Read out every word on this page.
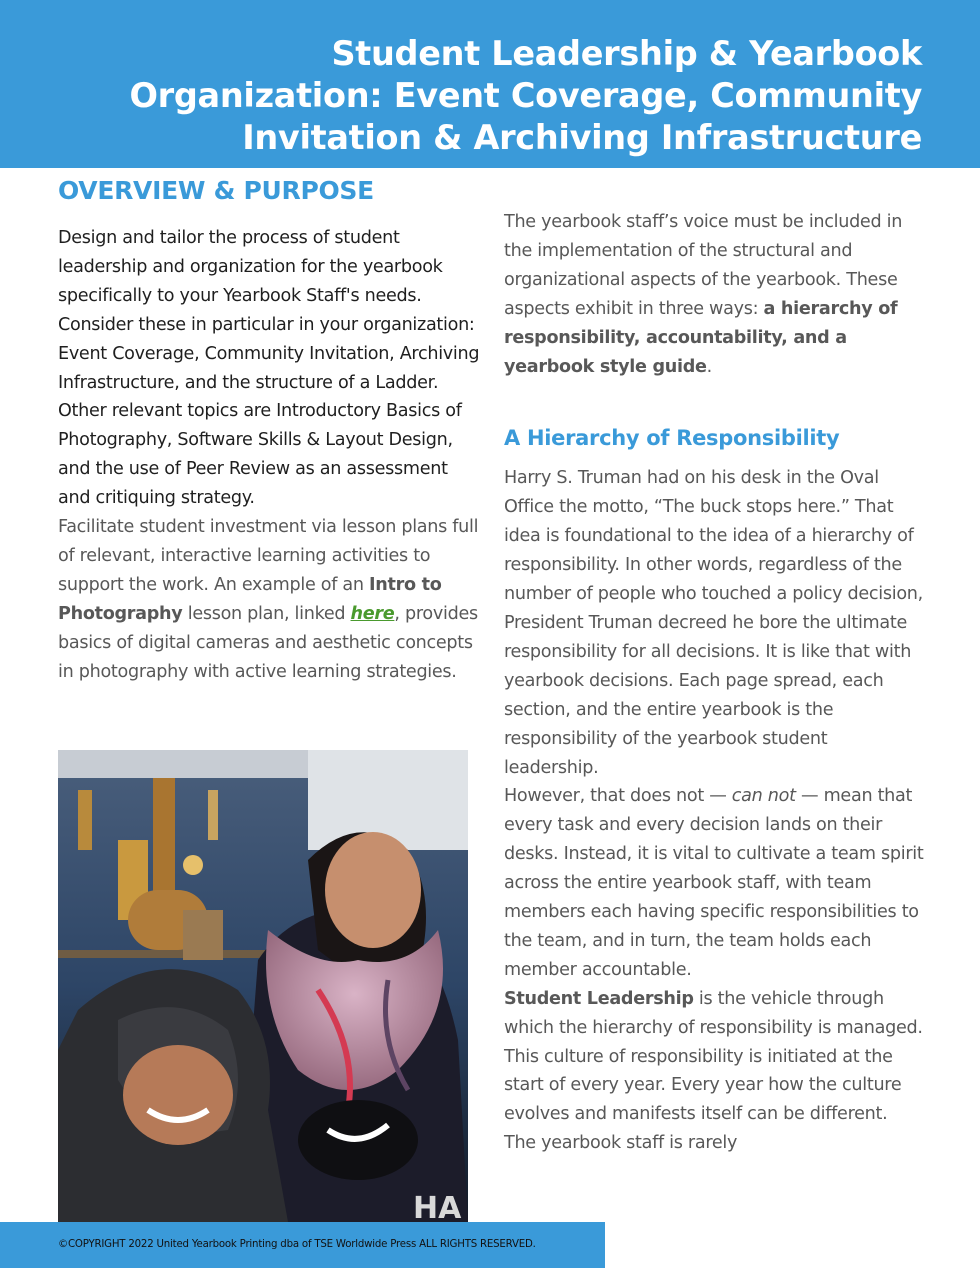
Student Leadership & Yearbook
Organization: Event Coverage, Community
Invitation & Archiving Infrastructure
OVERVIEW & PURPOSE

Design and tailor the process of student leadership and organization for the yearbook specifically to your Yearbook Staff's needs. Consider these in particular in your organization: Event Coverage, Community Invitation, Archiving Infrastructure, and the structure of a Ladder. Other relevant topics are Introductory Basics of Photography, Software Skills & Layout Design, and the use of Peer Review as an assessment and critiquing strategy.

Facilitate student investment via lesson plans full of relevant, interactive learning activities to support the work. An example of an Intro to Photography lesson plan, linked here, provides basics of digital cameras and aesthetic concepts in photography with active learning strategies.

HA

The yearbook staff’s voice must be included in the implementation of the structural and organizational aspects of the yearbook. These aspects exhibit in three ways: a hierarchy of responsibility, accountability, and a yearbook style guide.

A Hierarchy of Responsibility

Harry S. Truman had on his desk in the Oval Office the motto, “The buck stops here.” That idea is foundational to the idea of a hierarchy of responsibility. In other words, regardless of the number of people who touched a policy decision, President Truman decreed he bore the ultimate responsibility for all decisions. It is like that with yearbook decisions. Each page spread, each section, and the entire yearbook is the responsibility of the yearbook student leadership.

However, that does not — can not — mean that every task and every decision lands on their desks. Instead, it is vital to cultivate a team spirit across the entire yearbook staff, with team members each having specific responsibilities to the team, and in turn, the team holds each member accountable.

Student Leadership is the vehicle through which the hierarchy of responsibility is managed. This culture of responsibility is initiated at the start of every year. Every year how the culture evolves and manifests itself can be different. The yearbook staff is rarely

©COPYRIGHT 2022 United Yearbook Printing dba of TSE Worldwide Press ALL RIGHTS RESERVED.
